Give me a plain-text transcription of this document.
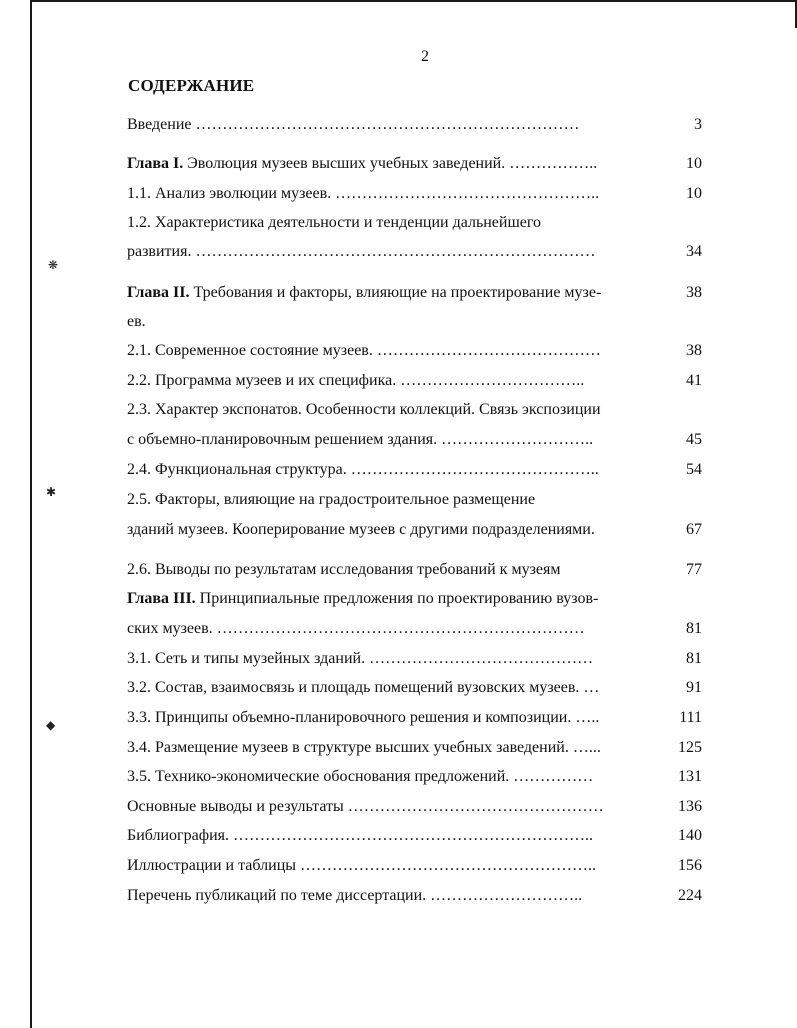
2
СОДЕРЖАНИЕ
Введение ………………………………………………………………	3
Глава I. Эволюция музеев высших учебных заведений. ……………..	10
1.1. Анализ эволюции музеев. …………………………………………..	10
1.2. Характеристика деятельности и тенденции дальнейшего
развития. …………………………………………………………………	34
Глава II. Требования и факторы, влияющие на проектирование музе-	38
ев.
2.1. Современное состояние музеев. ……………………………………	38
2.2. Программа музеев и их специфика. ……………………………..	41
2.3. Характер экспонатов. Особенности коллекций. Связь экспозиции
с объемно-планировочным решением здания. ………………………..	45
2.4. Функциональная структура. ………………………………………..	54
2.5. Факторы, влияющие на градостроительное размещение
зданий музеев. Кооперирование музеев с другими подразделениями.	67
2.6. Выводы по результатам исследования требований к музеям	77
Глава III. Принципиальные предложения по проектированию вузов-
ских музеев. ……………………………………………………………	81
3.1. Сеть и типы музейных зданий. ……………………………………	81
3.2. Состав, взаимосвязь и площадь помещений вузовских музеев. …	91
3.3. Принципы объемно-планировочного решения и композиции. …..	111
3.4. Размещение музеев в структуре высших учебных заведений. …...	125
3.5. Технико-экономические обоснования предложений. ……………	131
Основные выводы и результаты …………………………………………	136
Библиография. …………………………………………………………..	140
Иллюстрации и таблицы ………………………………………………..	156
Перечень публикаций по теме диссертации. ………………………..	224
❋
✱
◆
